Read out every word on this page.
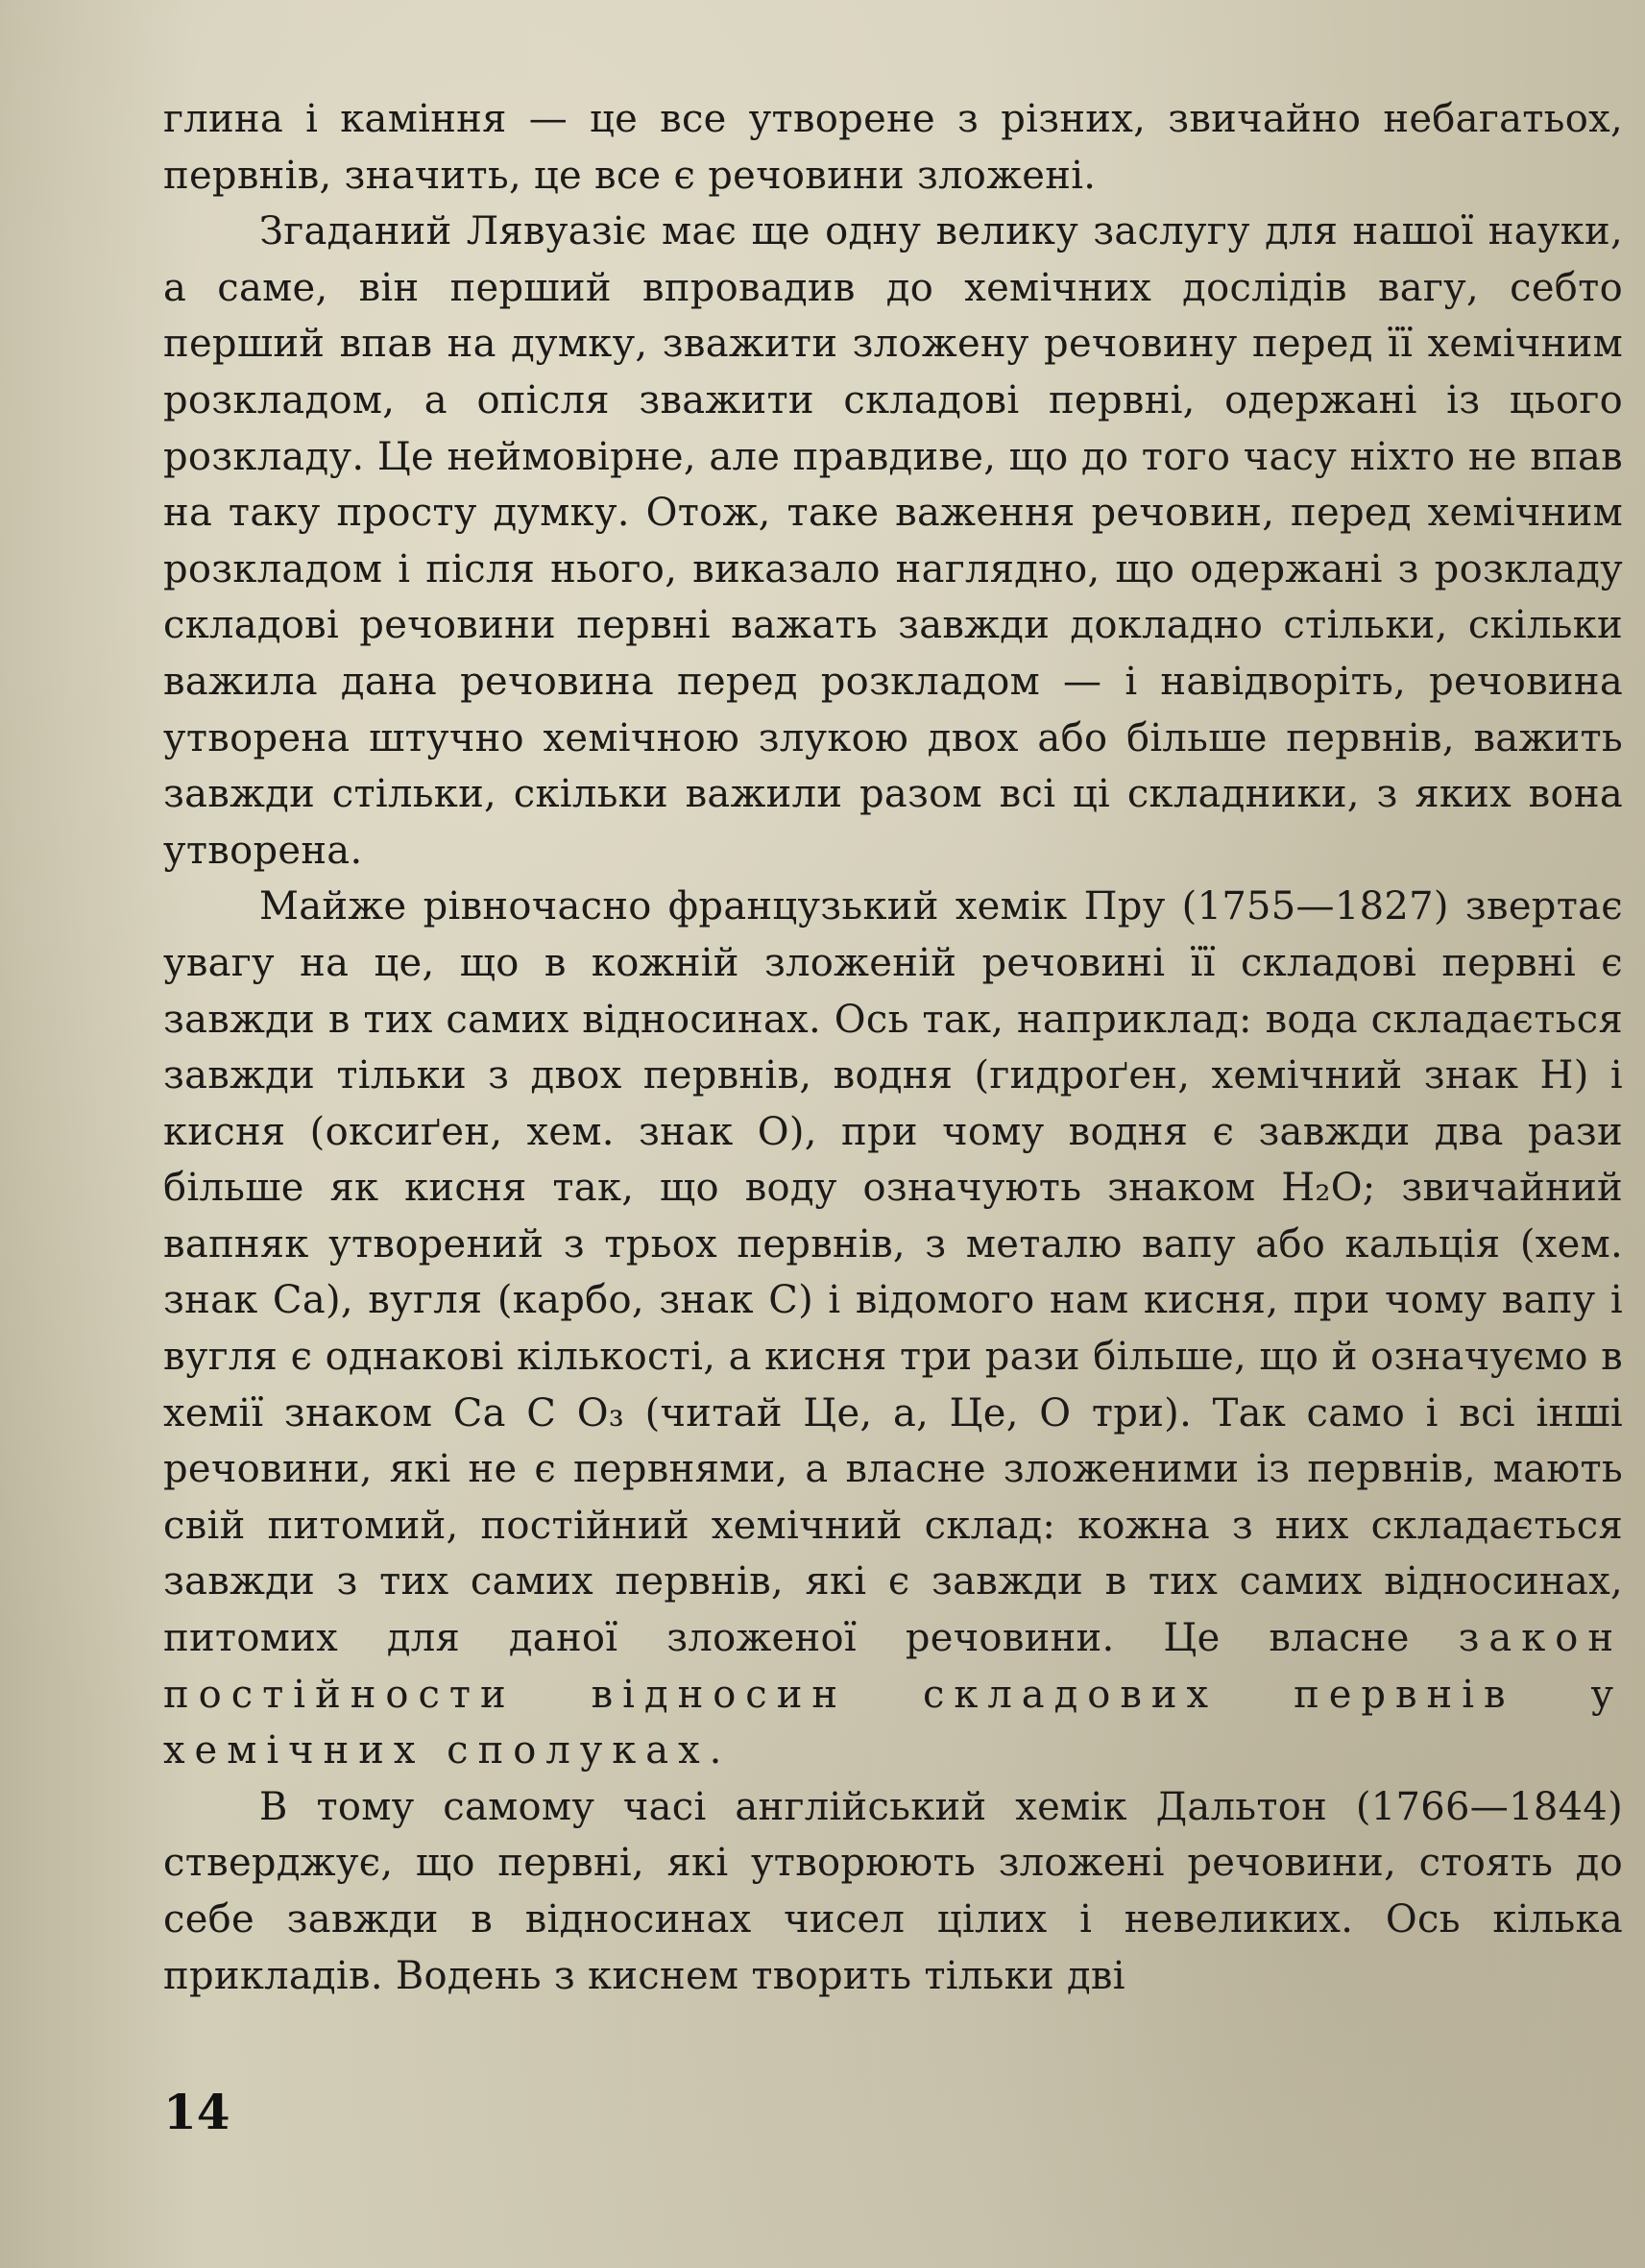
глина і каміння — це все утворене з різних, звичайно небагатьох, первнів, значить, це все є речовини зложені.

Згаданий Лявуазіє має ще одну велику заслугу для нашої науки, а саме, він перший впровадив до хемічних дослідів вагу, себто перший впав на думку, зважити зложену речовину перед її хемічним розкладом, а опісля зважити складові первні, одержані із цього розкладу. Це неймовірне, але правдиве, що до того часу ніхто не впав на таку просту думку. Отож, таке важення речовин, перед хемічним розкладом і після нього, виказало наглядно, що одержані з розкладу складові речовини первні важать завжди докладно стільки, скільки важила дана речовина перед розкладом — і навідворіть, речовина утворена штучно хемічною злукою двох або більше первнів, важить завжди стільки, скільки важили разом всі ці складники, з яких вона утворена.

Майже рівночасно французький хемік Пру (1755—1827) звертає увагу на це, що в кожній зложеній речовині її складові первні є завжди в тих самих відносинах. Ось так, наприклад: вода складається завжди тільки з двох первнів, водня (гидроґен, хемічний знак Н) і кисня (оксиґен, хем. знак О), при чому водня є завжди два рази більше як кисня так, що воду означують знаком H₂O; звичайний вапняк утворений з трьох первнів, з металю вапу або кальція (хем. знак Са), вугля (карбо, знак С) і відомого нам кисня, при чому вапу і вугля є однакові кількості, а кисня три рази більше, що й означуємо в хемії знаком Са С О₃ (читай Це, а, Це, О три). Так само і всі інші речовини, які не є первнями, а власне зложеними із первнів, мають свій питомий, постійний хемічний склад: кожна з них складається завжди з тих самих первнів, які є завжди в тих самих відносинах, питомих для даної зложеної речовини. Це власне закон постійности відносин складових первнів у хемічних сполуках.

В тому самому часі англійський хемік Дальтон (1766—1844) стверджує, що первні, які утворюють зложені речовини, стоять до себе завжди в відносинах чисел цілих і невеликих. Ось кілька прикладів. Водень з киснем творить тільки дві

14
